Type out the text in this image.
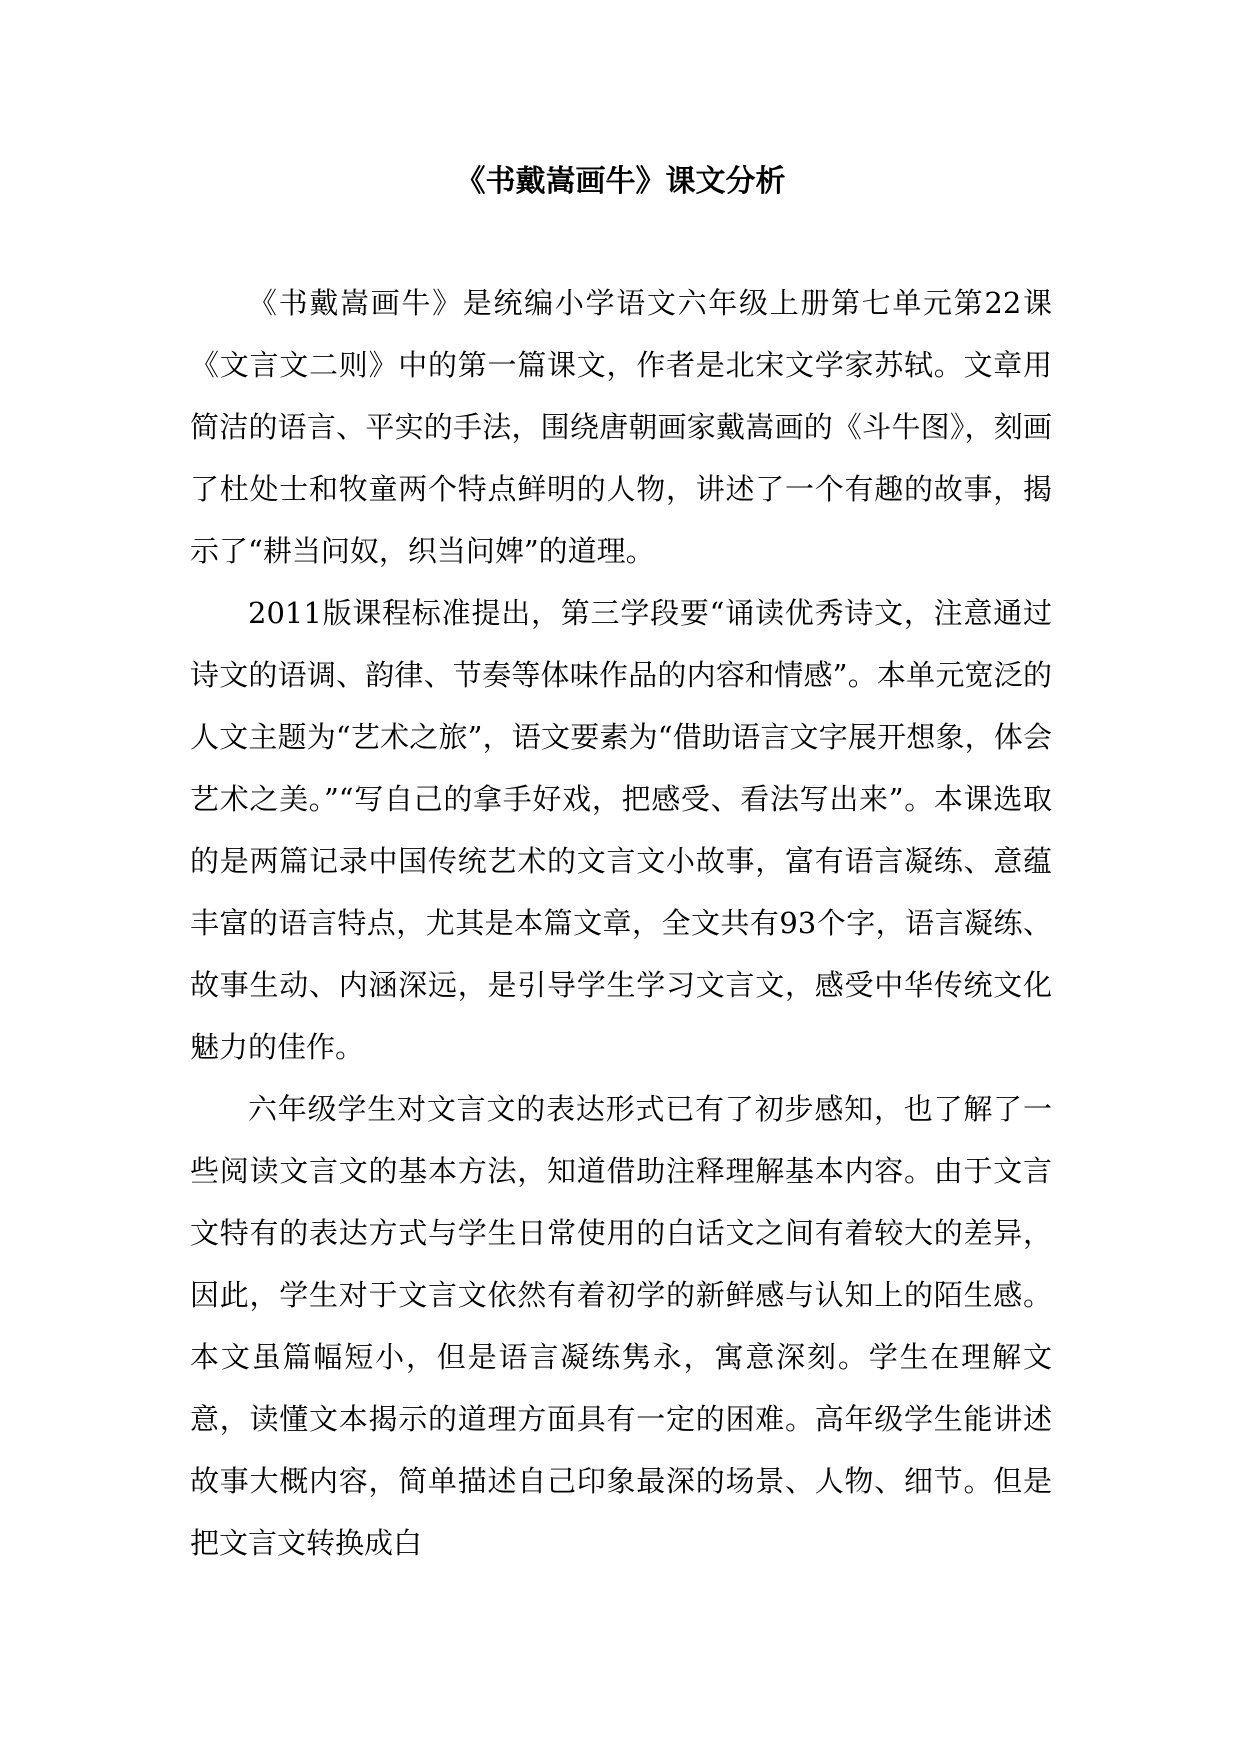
《书戴嵩画牛》课文分析

《书戴嵩画牛》是统编小学语文六年级上册第七单元第22课《文言文二则》中的第一篇课文，作者是北宋文学家苏轼。文章用简洁的语言、平实的手法，围绕唐朝画家戴嵩画的《斗牛图》，刻画了杜处士和牧童两个特点鲜明的人物，讲述了一个有趣的故事，揭示了“耕当问奴，织当问婢”的道理。

2011版课程标准提出，第三学段要“诵读优秀诗文，注意通过诗文的语调、韵律、节奏等体味作品的内容和情感”。本单元宽泛的人文主题为“艺术之旅”，语文要素为“借助语言文字展开想象，体会艺术之美。”“写自己的拿手好戏，把感受、看法写出来”。本课选取的是两篇记录中国传统艺术的文言文小故事，富有语言凝练、意蕴丰富的语言特点，尤其是本篇文章，全文共有93个字，语言凝练、故事生动、内涵深远，是引导学生学习文言文，感受中华传统文化魅力的佳作。

六年级学生对文言文的表达形式已有了初步感知，也了解了一些阅读文言文的基本方法，知道借助注释理解基本内容。由于文言文特有的表达方式与学生日常使用的白话文之间有着较大的差异，因此，学生对于文言文依然有着初学的新鲜感与认知上的陌生感。本文虽篇幅短小，但是语言凝练隽永，寓意深刻。学生在理解文意，读懂文本揭示的道理方面具有一定的困难。高年级学生能讲述故事大概内容，简单描述自己印象最深的场景、人物、细节。但是把文言文转换成白
